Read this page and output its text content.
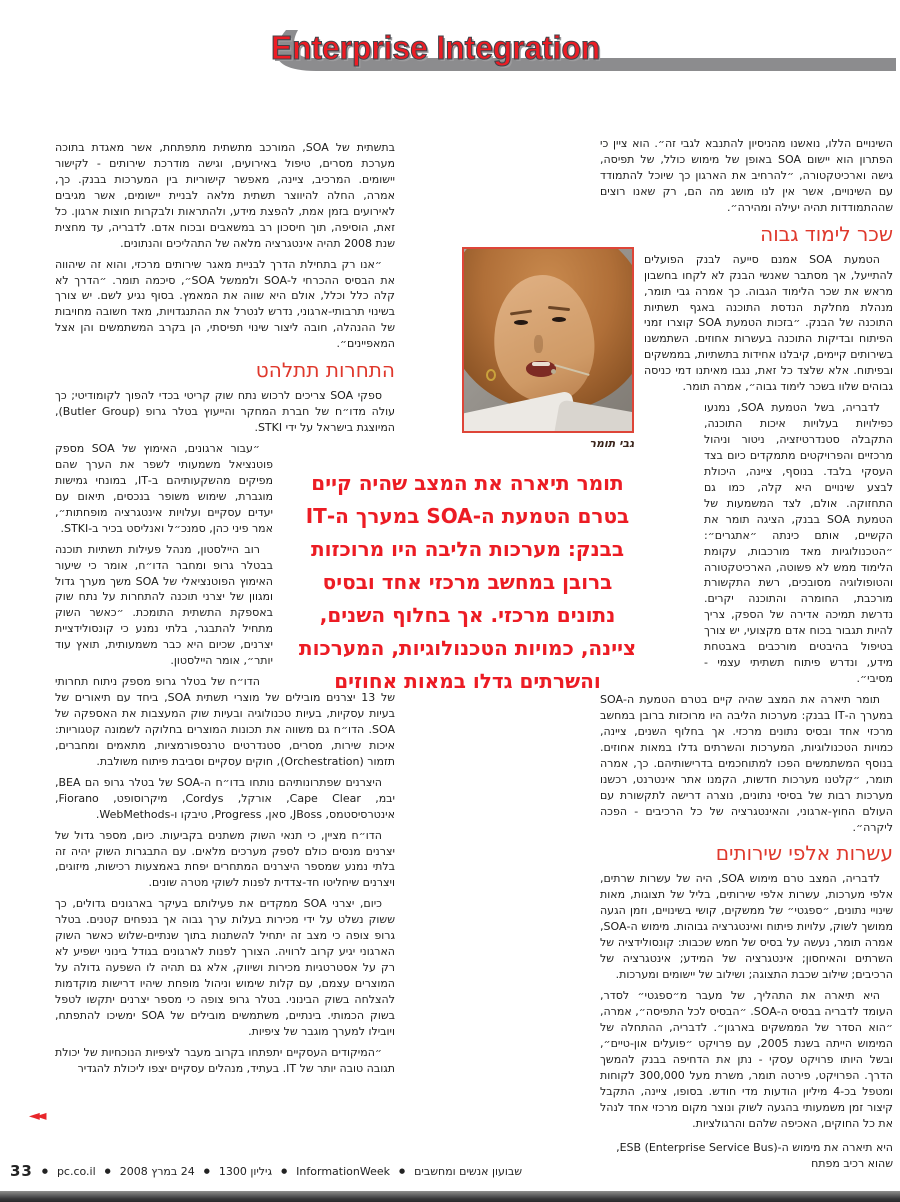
Enterprise Integration

השינויים הללו, נואשנו מהניסיון להתנבא לגבי זה״. הוא ציין כי הפתרון הוא יישום SOA באופן של מימוש כולל, של תפיסה, גישה וארכיטקטורה, ״להרחיב את הארגון כך שיוכל להתמודד עם השינויים, אשר אין לנו מושג מה הם, רק שאנו רוצים שההתמודדות תהיה יעילה ומהירה״.

שכר לימוד גבוה

הטמעת SOA אמנם סייעה לבנק הפועלים להתייעל, אך מסתבר שאנשי הבנק לא לקחו בחשבון מראש את שכר הלימוד הגבוה. כך אמרה גבי תומר, מנהלת מחלקת הנדסת התוכנה באגף תשתיות התוכנה של הבנק. ״בזכות הטמעת SOA קוצרו זמני הפיתוח ובדיקות התוכנה בעשרות אחוזים. השתמשנו בשירותים קיימים, קיבלנו אחידות בתשתיות, בממשקים ובפיתוח. אלא שלצד כל זאת, נגבו מאיתנו דמי כניסה גבוהים שלוו בשכר לימוד גבוה״, אמרה תומר.

לדבריה, בשל הטמעת SOA, נמנעו כפילויות בעלויות איכות התוכנה, התקבלה סטנדרטיזציה, ניטור וניהול מרכזיים והפרויקטים מתמקדים כיום בצד העסקי בלבד. בנוסף, ציינה, היכולת לבצע שינויים היא קלה, כמו גם התחזוקה. אולם, לצד המשמעות של הטמעת SOA בבנק, הציגה תומר את הקשיים, אותם כינתה ״אתגרים״: ״הטכנולוגיות מאד מורכבות, עקומת הלימוד ממש לא פשוטה, הארכיטקטורה והטופולוגיה מסובכים, רשת התקשורת מורכבת, החומרה והתוכנה יקרים. נדרשת תמיכה אדירה של הספק, צריך להיות תגבור בכוח אדם מקצועי, יש צורך בטיפול בהיבטים מורכבים באבטחת מידע, ונדרש פיתוח תשתיתי עצמי - מסיבי״.

תומר תיארה את המצב שהיה קיים בטרם הטמעת ה-SOA במערך ה-IT בבנק: מערכות הליבה היו מרוכזות ברובן במחשב מרכזי אחד ובסיס נתונים מרכזי. אך בחלוף השנים, ציינה, כמויות הטכנולוגיות, המערכות והשרתים גדלו במאות אחוזים. בנוסף המשתמשים הפכו למתוחכמים בדרישותיהם. כך, אמרה תומר, ״קלטנו מערכות חדשות, הקמנו אתר אינטרנט, רכשנו מערכות רבות של בסיסי נתונים, נוצרה דרישה לתקשורת עם העולם החוץ-ארגוני, והאינטגרציה של כל הרכיבים - הפכה ליקרה״.

עשרות אלפי שירותים

לדבריה, המצב טרם מימוש SOA, היה של עשרות שרתים, אלפי מערכות, עשרות אלפי שירותים, בליל של תצוגות, מאות שינויי נתונים, ״ספגטי״ של ממשקים, קושי בשינויים, וזמן הגעה ממושך לשוק, עלויות פיתוח ואינטגרציה גבוהות. מימוש ה-SOA, אמרה תומר, נעשה על בסיס של חמש שכבות: קונסולידציה של השרתים והאיחסון; אינטגרציה של המידע; אינטגרציה של הרכיבים; שילוב שכבת התצוגה; ושילוב של יישומים ומערכות.

היא תיארה את התהליך, של מעבר מ״ספגטי״ לסדר, העומד לדבריה בבסיס ה-SOA. ״הבסיס לכל התפיסה״, אמרה, ״הוא הסדר של הממשקים בארגון״. לדבריה, ההתחלה של המימוש הייתה בשנת 2005, עם פרויקט ״פועלים און-טיים״, ובשל היותו פרויקט עסקי - נתן את הדחיפה בבנק להמשך הדרך. הפרויקט, פירטה תומר, משרת מעל 300,000 לקוחות ומטפל בכ-4 מיליון הודעות מדי חודש. בסופו, ציינה, התקבל קיצור זמן משמעותי בהגעה לשוק ונוצר מקום מרכזי אחד לנהל את כל החוקים, האכיפה שלהם והרגולציות.

היא תיארה את מימוש ה-ESB (Enterprise Service Bus), שהוא רכיב מפתח

בתשתית של SOA, המורכב מתשתית מתפתחת, אשר מאגדת בתוכה מערכת מסרים, טיפול באירועים, וגישה מודרכת שירותים - לקישור יישומים. המרכיב, ציינה, מאפשר קישוריות בין המערכות בבנק. כך, אמרה, החלה להיווצר תשתית מלאה לבניית יישומים, אשר מגיבים לאירועים בזמן אמת, להפצת מידע, ולהתראות ולבקרות חוצות ארגון. כל זאת, הוסיפה, תוך חיסכון רב במשאבים ובכוח אדם. לדבריה, עד מחצית שנת 2008 תהיה אינטגרציה מלאה של התהליכים והנתונים.

״אנו רק בתחילת הדרך לבניית מאגר שירותים מרכזי, והוא זה שיהווה את הבסיס ההכרחי ל-SOA ולממשל SOA״, סיכמה תומר. ״הדרך לא קלה כלל וכלל, אולם היא שווה את המאמץ. בסוף נגיע לשם. יש צורך בשינוי תרבותי-ארגוני, נדרש לנטרל את ההתנגדויות, מאד חשובה מחויבות של ההנהלה, חובה ליצור שינוי תפיסתי, הן בקרב המשתמשים והן אצל המאפיינים״.

התחרות תתלהט

ספקי SOA צריכים לרכוש נתח שוק קריטי בכדי להפוך לקומודיטי; כך עולה מדו״ח של חברת המחקר והייעוץ בטלר גרופ (Butler Group), המיוצגת בישראל על ידי STKI.

״עבור ארגונים, האימוץ של SOA מספק פוטנציאל משמעותי לשפר את הערך שהם מפיקים מהשקעותיהם ב-IT, במונחי גמישות מוגברת, שימוש משופר בנכסים, תיאום עם יעדים עסקיים ועלויות אינטגרציה מופחתות״, אמר פיני כהן, סמנכ״ל ואנליסט בכיר ב-STKI.

רוב היילסטון, מנהל פעילות תשתיות תוכנה בבטלר גרופ ומחבר הדו״ח, אומר כי שיעור האימוץ הפוטנציאלי של SOA משך מערך גדול ומגוון של יצרני תוכנה להתחרות על נתח שוק באספקת התשתית התומכת. ״כאשר השוק מתחיל להתבגר, בלתי נמנע כי קונסולידציית יצרנים, שכיום היא כבר משמעותית, תואץ עוד יותר״, אומר היילסטון.

הדו״ח של בטלר גרופ מספק ניתוח תחרותי של 13 יצרנים מובילים של מוצרי תשתית SOA, ביחד עם תיאורים של בעיות עסקיות, בעיות טכנולוגיה ובעיות שוק המעצבות את האספקה של SOA. הדו״ח גם משווה את תכונות המוצרים בחלוקה לשמונה קטגוריות: איכות שירות, מסרים, סטנדרטים טרנספורמציות, מתאמים ומחברים, תזמור (Orchestration), חוקים עסקיים וסביבת פיתוח משולבת.

היצרנים שפתרונותיהם נותחו בדו״ח ה-SOA של בטלר גרופ הם BEA, יבמ, Cape Clear, אורקל, Cordys, מיקרוסופט, Fiorano, אינטרסיסטמס, JBoss, סאן, Progress, טיבקו ו-WebMethods.

הדו״ח מציין, כי תנאי השוק משתנים בקביעות. כיום, מספר גדול של יצרנים מנסים כולם לספק מערכים מלאים. עם התבגרות השוק יהיה זה בלתי נמנע שמספר היצרנים המתחרים יפחת באמצעות רכישות, מיזוגים, ויצרנים שיחליטו חד-צדדית לפנות לשוקי מטרה שונים.

כיום, יצרני SOA ממקדים את פעילותם בעיקר בארגונים גדולים, כך ששוק נשלט על ידי מכירות בעלות ערך גבוה אך בנפחים קטנים. בטלר גרופ צופה כי מצב זה יתחיל להשתנות בתוך שנתיים-שלוש כאשר השוק הארגוני יגיע קרוב לרוויה. הצורך לפנות לארגונים בגודל בינוני ישפיע לא רק על אסטרטגיות מכירות ושיווק, אלא גם תהיה לו השפעה גדולה על המוצרים עצמם, עם קלות שימוש וניהול מופחת שיהיו דרישות מוקדמות להצלחה בשוק הבינוני. בטלר גרופ צופה כי מספר יצרנים יתקשו לטפל בשוק הכמותי. בינתיים, משתמשים מובילים של SOA ימשיכו להתפתח, ויובילו למערך מוגבר של ציפיות.

״המיקודים העסקיים יתפתחו בקרוב מעבר לציפיות הנוכחיות של יכולת תגובה טובה יותר של IT. בעתיד, מנהלים עסקיים יצפו ליכולת להגדיר

תומר תיארה את המצב שהיה קיים בטרם הטמעת ה-SOA במערך ה-IT בבנק: מערכות הליבה היו מרוכזות ברובן במחשב מרכזי אחד ובסיס נתונים מרכזי. אך בחלוף השנים, ציינה, כמויות הטכנולוגיות, המערכות והשרתים גדלו במאות אחוזים
גבי תומר
◄◄
שבועון אנשים ומחשבים
●
InformationWeek
●
גיליון 1300
●
24 במרץ 2008
●
pc.co.il
●
33
